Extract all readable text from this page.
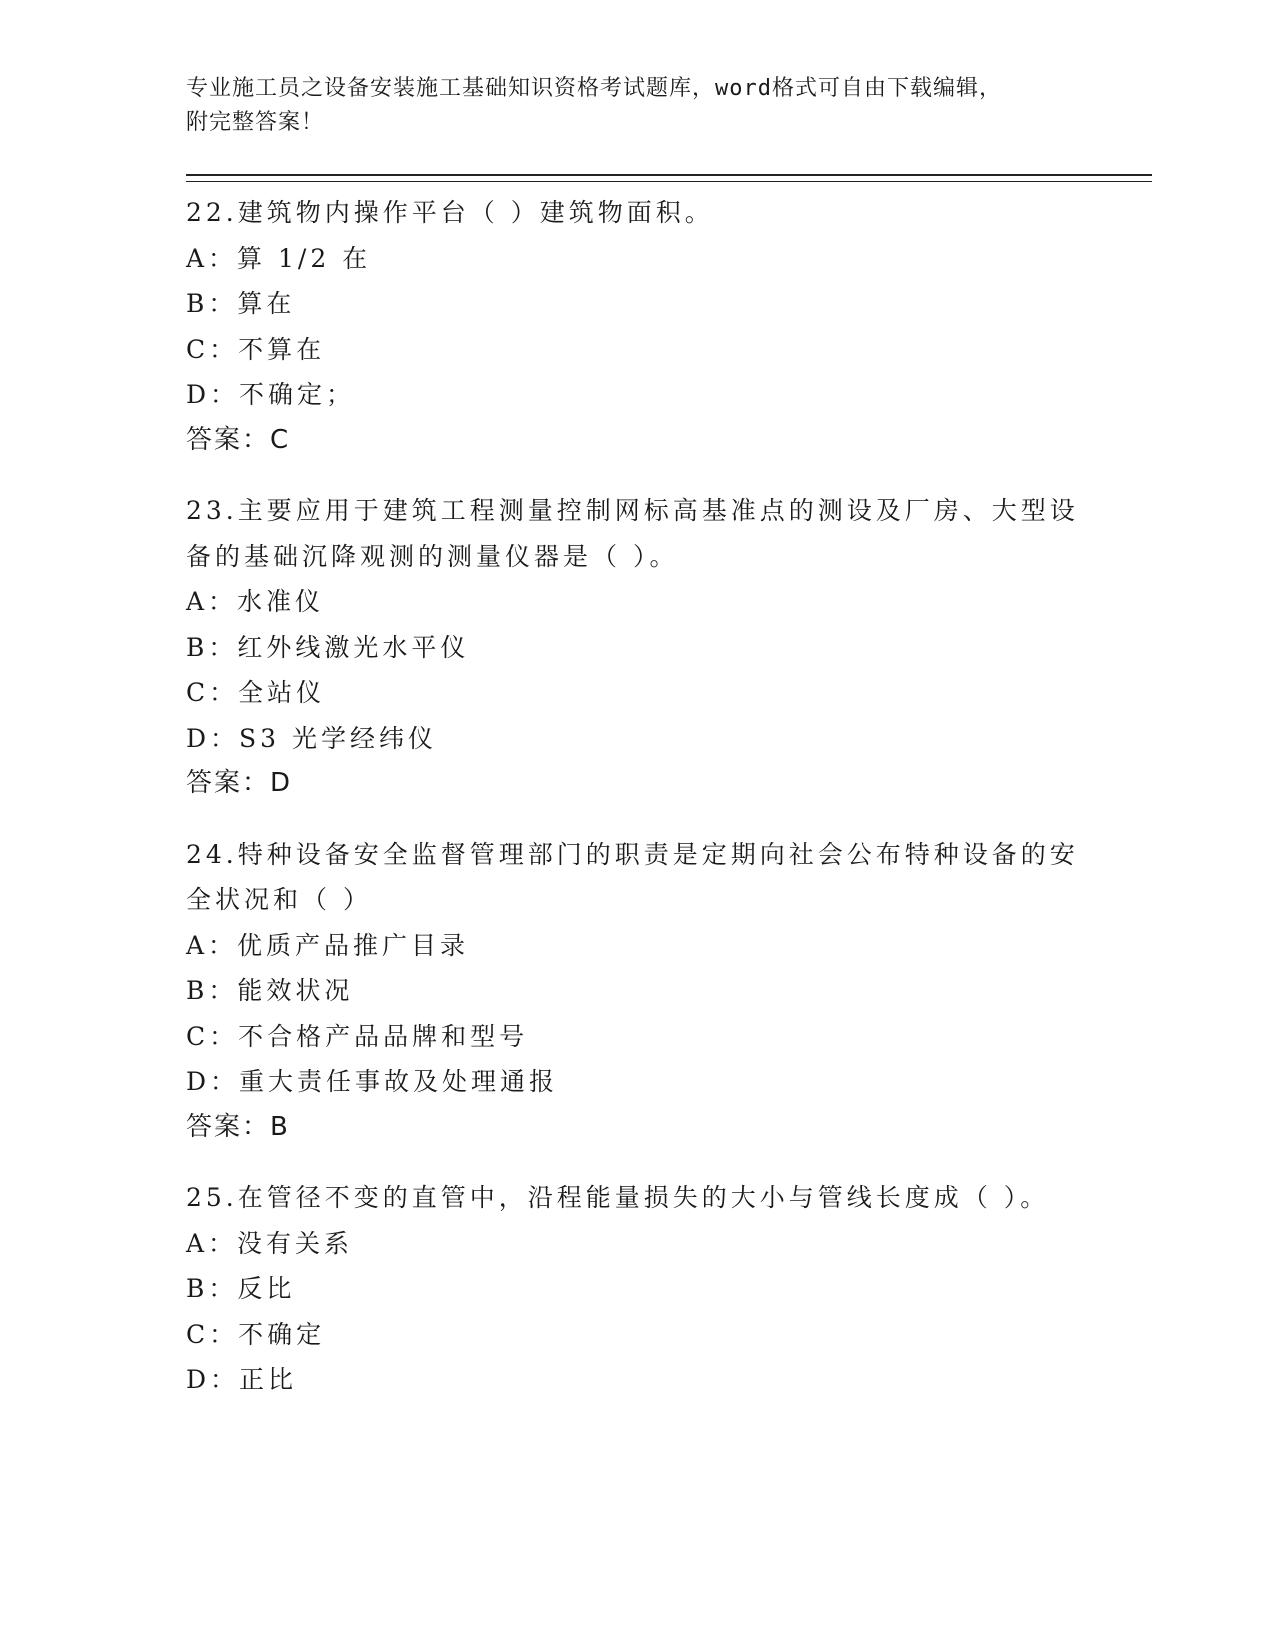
专业施工员之设备安装施工基础知识资格考试题库，word格式可自由下载编辑，
附完整答案！

22.建筑物内操作平台（ ）建筑物面积。

A：算 1/2 在

B：算在

C：不算在

D：不确定；

答案：C

23.主要应用于建筑工程测量控制网标高基准点的测设及厂房、大型设

备的基础沉降观测的测量仪器是（ ）。

A：水准仪

B：红外线激光水平仪

C：全站仪

D：S3 光学经纬仪

答案：D

24.特种设备安全监督管理部门的职责是定期向社会公布特种设备的安

全状况和（ ）

A：优质产品推广目录

B：能效状况

C：不合格产品品牌和型号

D：重大责任事故及处理通报

答案：B

25.在管径不变的直管中，沿程能量损失的大小与管线长度成（ ）。

A：没有关系

B：反比

C：不确定

D：正比
